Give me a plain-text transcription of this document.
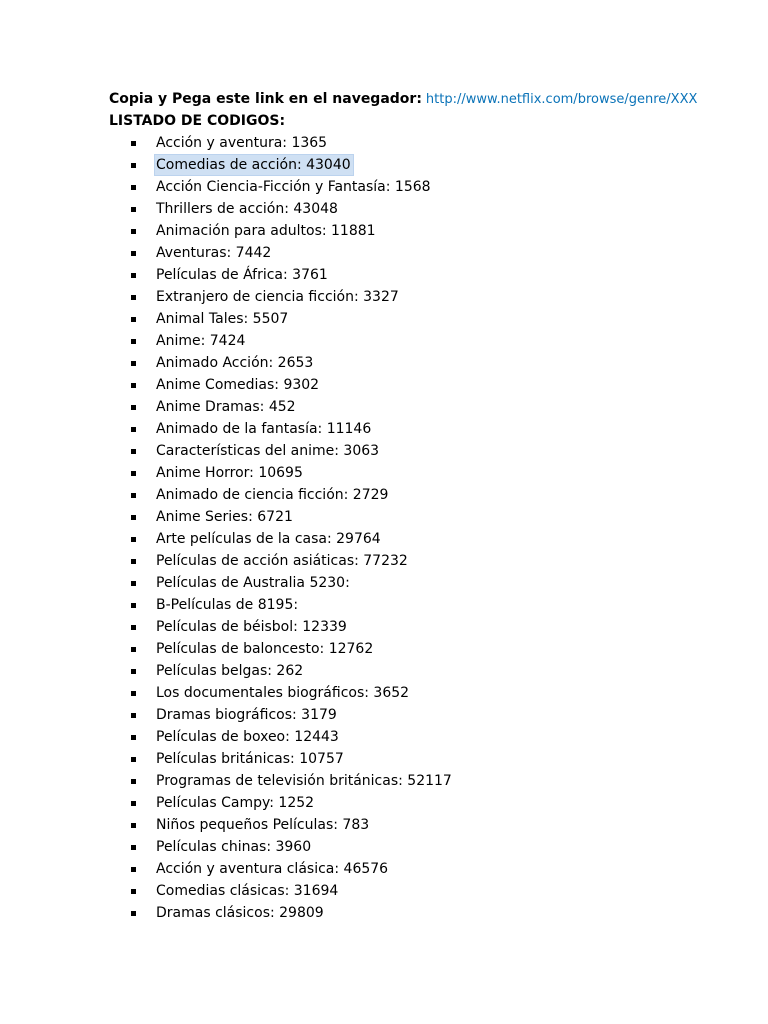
Copia y Pega este link en el navegador: http://www.netflix.com/browse/genre/XXX
LISTADO DE CODIGOS:
Acción y aventura: 1365
Comedias de acción: 43040
Acción Ciencia-Ficción y Fantasía: 1568
Thrillers de acción: 43048
Animación para adultos: 11881
Aventuras: 7442
Películas de África: 3761
Extranjero de ciencia ficción: 3327
Animal Tales: 5507
Anime: 7424
Animado Acción: 2653
Anime Comedias: 9302
Anime Dramas: 452
Animado de la fantasía: 11146
Características del anime: 3063
Anime Horror: 10695
Animado de ciencia ficción: 2729
Anime Series: 6721
Arte películas de la casa: 29764
Películas de acción asiáticas: 77232
Películas de Australia 5230:
B-Películas de 8195:
Películas de béisbol: 12339
Películas de baloncesto: 12762
Películas belgas: 262
Los documentales biográficos: 3652
Dramas biográficos: 3179
Películas de boxeo: 12443
Películas británicas: 10757
Programas de televisión británicas: 52117
Películas Campy: 1252
Niños pequeños Películas: 783
Películas chinas: 3960
Acción y aventura clásica: 46576
Comedias clásicas: 31694
Dramas clásicos: 29809
